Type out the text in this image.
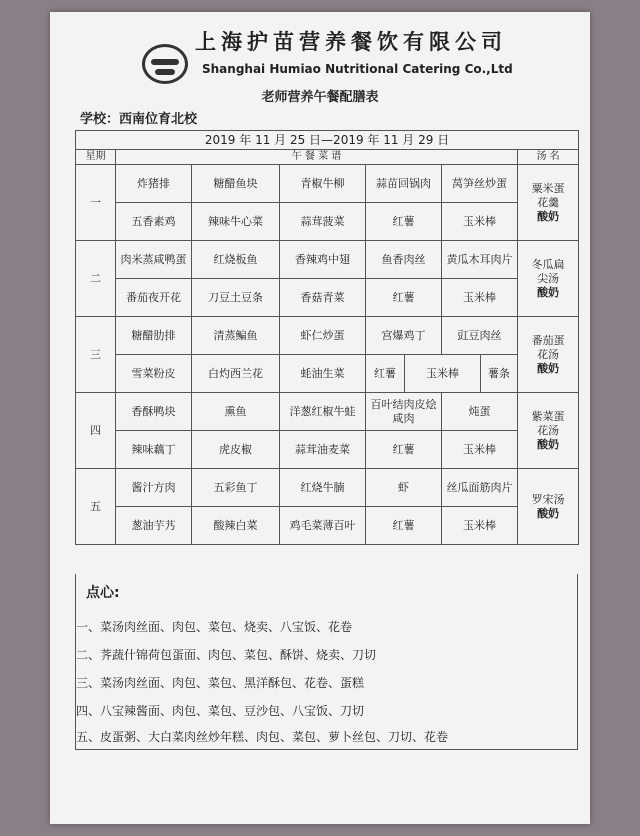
上海护苗营养餐饮有限公司
Shanghai Humiao Nutritional Catering Co.,Ltd
老师营养午餐配膳表
学校：西南位育北校
2019 年 11 月 25 日—2019 年 11 月 29 日								
星期	午 餐 菜 谱							汤 名
一	炸猪排	糖醋鱼块	青椒牛柳	蒜苗回锅肉		莴笋丝炒蛋		粟米蛋
花羹
酸奶

	五香素鸡	辣味牛心菜	蒜茸菠菜	红薯		玉米棒		
二	肉米蒸咸鸭蛋	红烧板鱼	香辣鸡中翅	鱼香肉丝		黄瓜木耳肉片		冬瓜扁
尖汤
酸奶

	番茄夜开花	刀豆土豆条	香菇青菜	红薯		玉米棒		
三	糖醋肋排	清蒸鳊鱼	虾仁炒蛋	宫爆鸡丁		豇豆肉丝		番茄蛋
花汤
酸奶

	雪菜粉皮	白灼西兰花	蚝油生菜	红薯	玉米棒		薯条	
四	香酥鸭块	熏鱼	洋葱红椒牛蛙	百叶结肉皮烩咸肉		炖蛋		紫菜蛋
花汤
酸奶

	辣味藕丁	虎皮椒	蒜茸油麦菜	红薯		玉米棒		
五	酱汁方肉	五彩鱼丁	红烧牛腩	虾		丝瓜面筋肉片		罗宋汤
酸奶

	葱油芋艿	酸辣白菜	鸡毛菜薄百叶	红薯		玉米棒		
点心:
一、菜汤肉丝面、肉包、菜包、烧卖、八宝饭、花卷
二、荠蔬什锦荷包蛋面、肉包、菜包、酥饼、烧卖、刀切
三、菜汤肉丝面、肉包、菜包、黑洋酥包、花卷、蛋糕
四、八宝辣酱面、肉包、菜包、豆沙包、八宝饭、刀切
五、皮蛋粥、大白菜肉丝炒年糕、肉包、菜包、萝卜丝包、刀切、花卷
